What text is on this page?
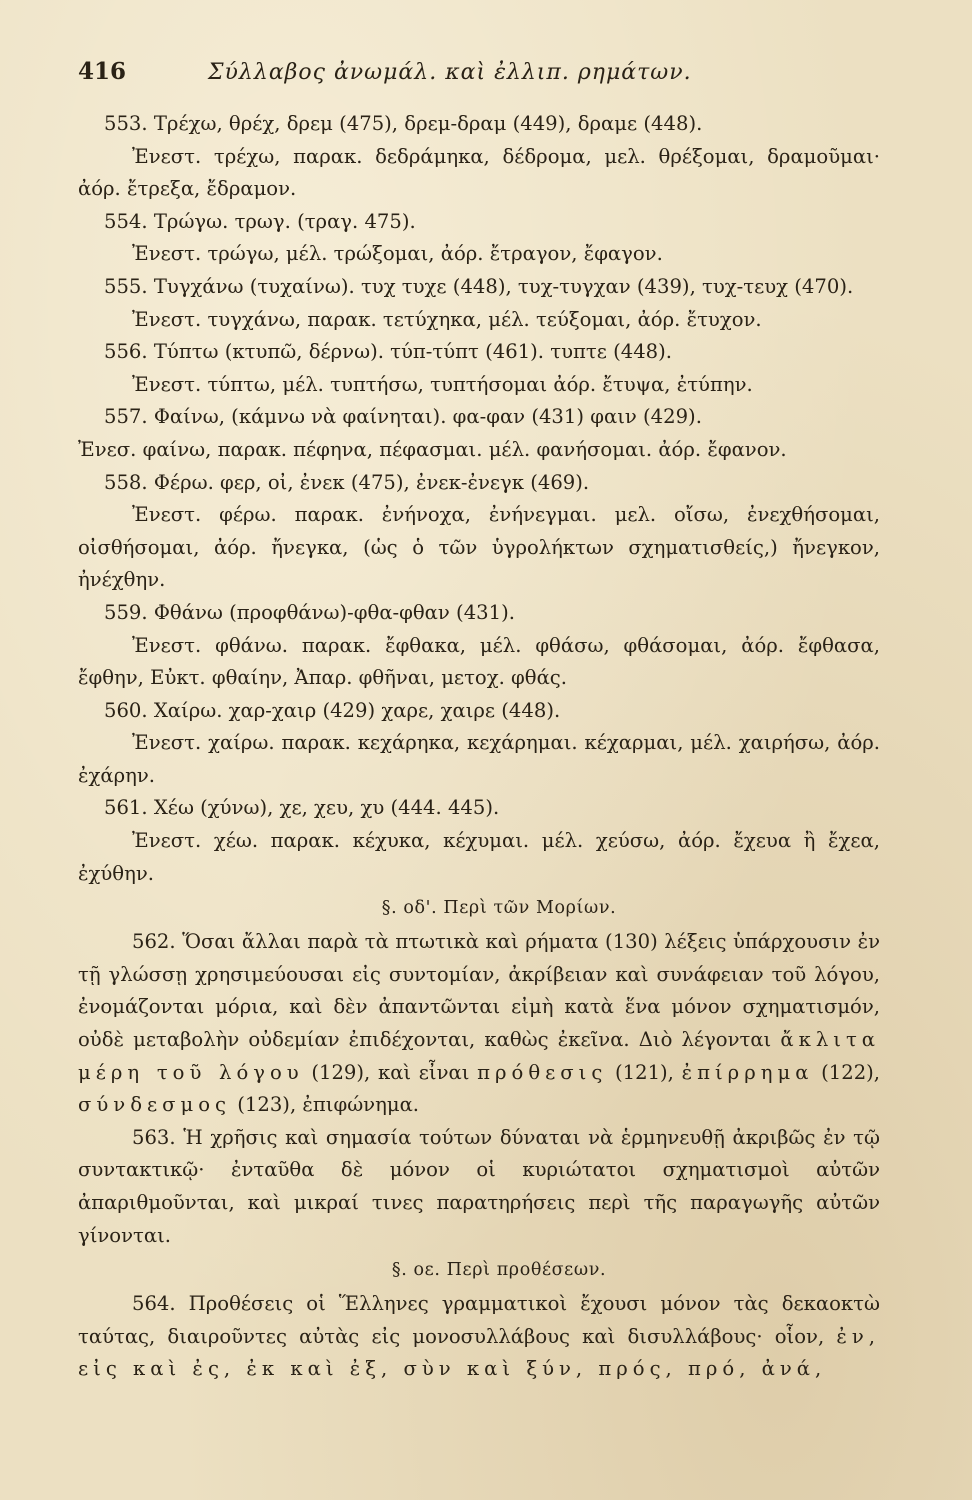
416	Σύλλαβος ἀνωμάλ. καὶ ἐλλιπ. ρημάτων.
553. Τρέχω, θρέχ, δρεμ (475), δρεμ-δραμ (449), δραμε (448).
Ἐνεστ. τρέχω, παρακ. δεδράμηκα, δέδρομα, μελ. θρέξομαι, δραμοῦμαι· ἀόρ. ἔτρεξα, ἔδραμον.
554. Τρώγω. τρωγ. (τραγ. 475).
Ἐνεστ. τρώγω, μέλ. τρώξομαι, ἀόρ. ἔτραγον, ἔφαγον.
555. Τυγχάνω (τυχαίνω). τυχ τυχε (448), τυχ-τυγχαν (439), τυχ-τευχ (470).
Ἐνεστ. τυγχάνω, παρακ. τετύχηκα, μέλ. τεύξομαι, ἀόρ. ἔτυχον.
556. Τύπτω (κτυπῶ, δέρνω). τύπ-τύπτ (461). τυπτε (448).
Ἐνεστ. τύπτω, μέλ. τυπτήσω, τυπτήσομαι ἀόρ. ἔτυψα, ἐτύπην.
557. Φαίνω, (κάμνω νὰ φαίνηται). φα-φαν (431) φαιν (429).
Ἐνεσ. φαίνω, παρακ. πέφηνα, πέφασμαι. μέλ. φανήσομαι. ἀόρ. ἔφανον.
558. Φέρω. φερ, οἰ, ἐνεκ (475), ἐνεκ-ἐνεγκ (469).
Ἐνεστ. φέρω. παρακ. ἐνήνοχα, ἐνήνεγμαι. μελ. οἴσω, ἐνεχθήσομαι, οἰσθήσομαι, ἀόρ. ἤνεγκα, (ὡς ὁ τῶν ὑγρολήκτων σχηματισθείς,) ἤνεγκον, ἠνέχθην.
559. Φθάνω (προφθάνω)-φθα-φθαν (431).
Ἐνεστ. φθάνω. παρακ. ἔφθακα, μέλ. φθάσω, φθάσομαι, ἀόρ. ἔφθασα, ἔφθην, Εὐκτ. φθαίην, Ἀπαρ. φθῆναι, μετοχ. φθάς.
560. Χαίρω. χαρ-χαιρ (429) χαρε, χαιρε (448).
Ἐνεστ. χαίρω. παρακ. κεχάρηκα, κεχάρημαι. κέχαρμαι, μέλ. χαιρήσω, ἀόρ. ἐχάρην.
561. Χέω (χύνω), χε, χευ, χυ (444. 445).
Ἐνεστ. χέω. παρακ. κέχυκα, κέχυμαι. μέλ. χεύσω, ἀόρ. ἔχευα ἢ ἔχεα, ἐχύθην.
§. οδ'. Περὶ τῶν Μορίων.
562. Ὅσαι ἄλλαι παρὰ τὰ πτωτικὰ καὶ ρήματα (130) λέξεις ὑπάρχουσιν ἐν τῇ γλώσσῃ χρησιμεύουσαι εἰς συντομίαν, ἀκρίβειαν καὶ συνάφειαν τοῦ λόγου, ἐνομάζονται μόρια, καὶ δὲν ἀπαντῶνται εἰμὴ κατὰ ἕνα μόνον σχηματισμόν, οὐδὲ μεταβολὴν οὐδεμίαν ἐπιδέχονται, καθὼς ἐκεῖνα. Διὸ λέγονται ἄκλιτα μέρη τοῦ λόγου (129), καὶ εἶναι πρόθεσις (121), ἐπίρρημα (122), σύνδεσμος (123), ἐπιφώνημα.
563. Ἡ χρῆσις καὶ σημασία τούτων δύναται νὰ ἑρμηνευθῇ ἀκριβῶς ἐν τῷ συντακτικῷ· ἐνταῦθα δὲ μόνον οἱ κυριώτατοι σχηματισμοὶ αὐτῶν ἀπαριθμοῦνται, καὶ μικραί τινες παρατηρήσεις περὶ τῆς παραγωγῆς αὐτῶν γίνονται.
§. οε. Περὶ προθέσεων.
564. Προθέσεις οἱ Ἕλληνες γραμματικοὶ ἔχουσι μόνον τὰς δεκαοκτὼ ταύτας, διαιροῦντες αὐτὰς εἰς μονοσυλλάβους καὶ δισυλλάβους· οἷον, ἐν, εἰς καὶ ἐς, ἐκ καὶ ἐξ, σὺν καὶ ξύν, πρός, πρό, ἀνά,
